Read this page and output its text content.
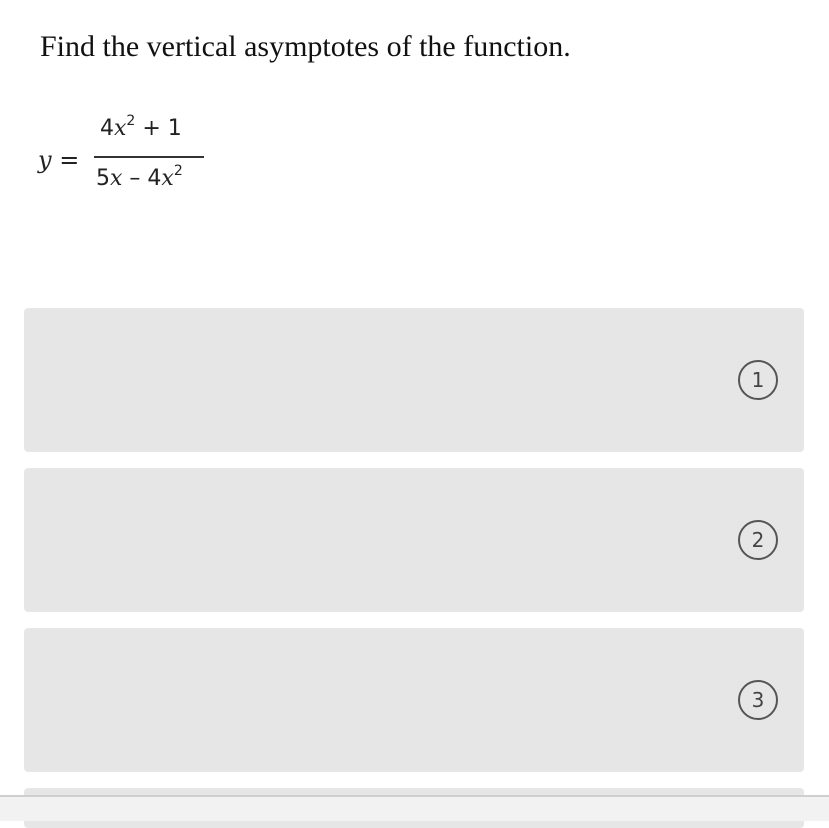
Find the vertical asymptotes of the function.
y =
$4x^2 + 1$
$5x - 4x^2$
1
2
3
